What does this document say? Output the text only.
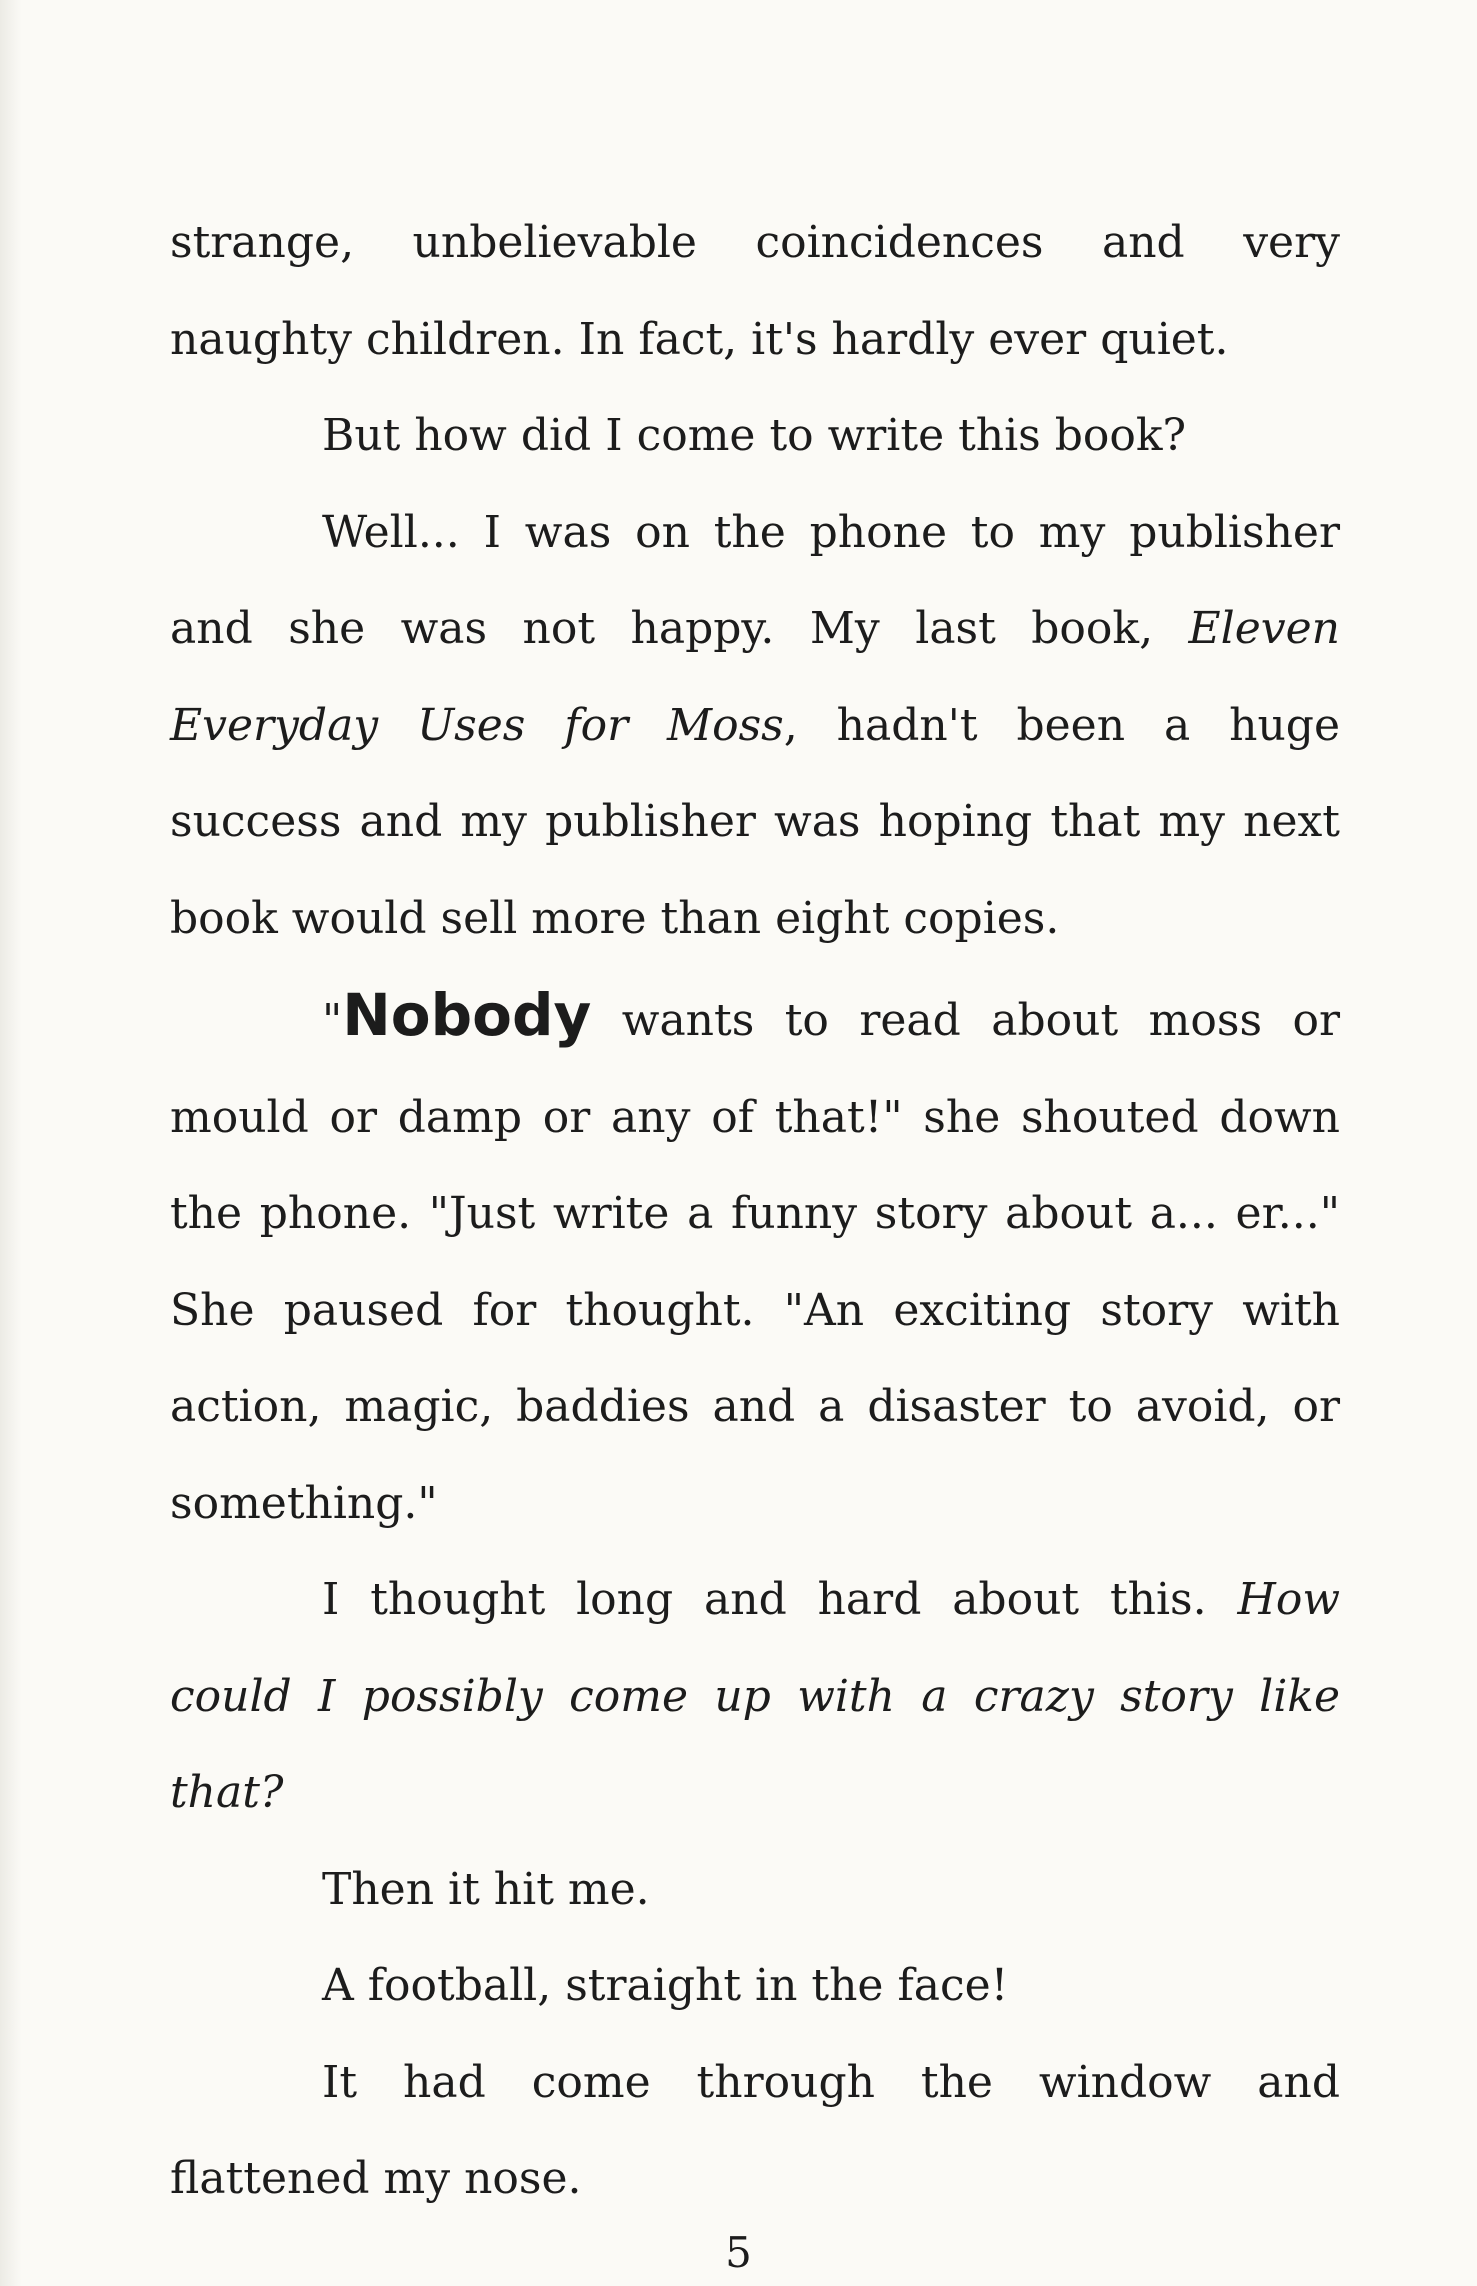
strange, unbelievable coincidences and very naughty children. In fact, it's hardly ever quiet.

But how did I come to write this book?

Well... I was on the phone to my publisher and she was not happy. My last book, Eleven Everyday Uses for Moss, hadn't been a huge success and my publisher was hoping that my next book would sell more than eight copies.

"Nobody wants to read about moss or mould or damp or any of that!" she shouted down the phone. "Just write a funny story about a... er..." She paused for thought. "An exciting story with action, magic, baddies and a disaster to avoid, or something."

I thought long and hard about this. How could I possibly come up with a crazy story like that?

Then it hit me.

A football, straight in the face!

It had come through the window and flattened my nose.

5
